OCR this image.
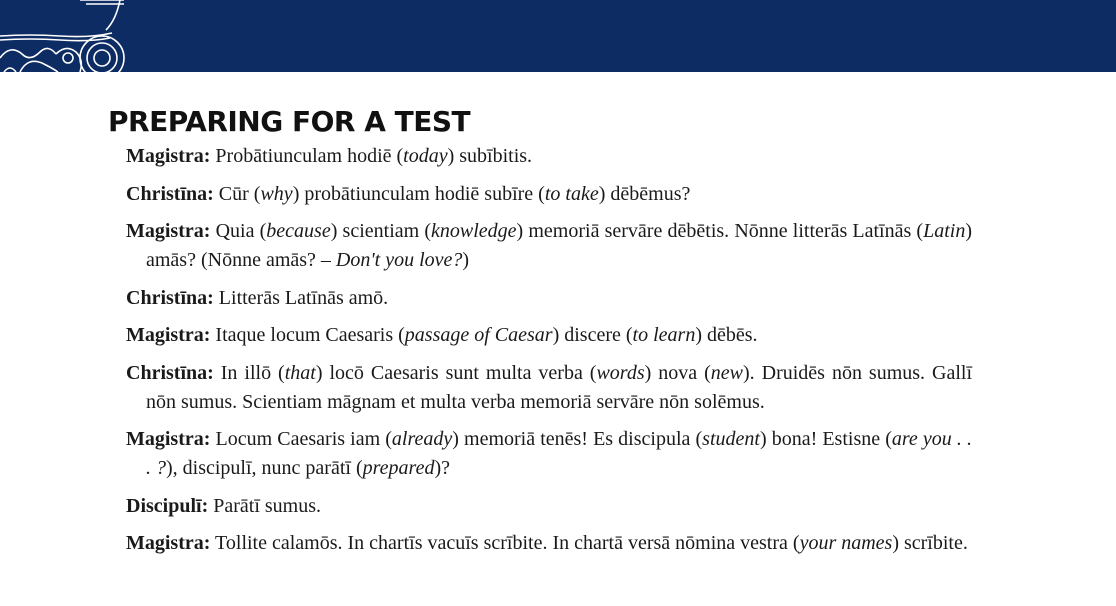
PREPARING FOR A TEST

Magistra: Probātiunculam hodiē (today) subībitis.

Christīna: Cūr (why) probātiunculam hodiē subīre (to take) dēbēmus?

Magistra: Quia (because) scientiam (knowledge) memoriā servāre dēbētis. Nōnne litterās Latīnās (Latin) amās? (Nōnne amās? – Don't you love?)

Christīna: Litterās Latīnās amō.

Magistra: Itaque locum Caesaris (passage of Caesar) discere (to learn) dēbēs.

Christīna: In illō (that) locō Caesaris sunt multa verba (words) nova (new). Druidēs nōn sumus. Gallī nōn sumus. Scientiam māgnam et multa verba memoriā servāre nōn solēmus.

Magistra: Locum Caesaris iam (already) memoriā tenēs! Es discipula (student) bona! Estisne (are you . . . ?), discipulī, nunc parātī (prepared)?

Discipulī: Parātī sumus.

Magistra: Tollite calamōs. In chartīs vacuīs scrībite. In chartā versā nōmina vestra (your names) scrībite.
